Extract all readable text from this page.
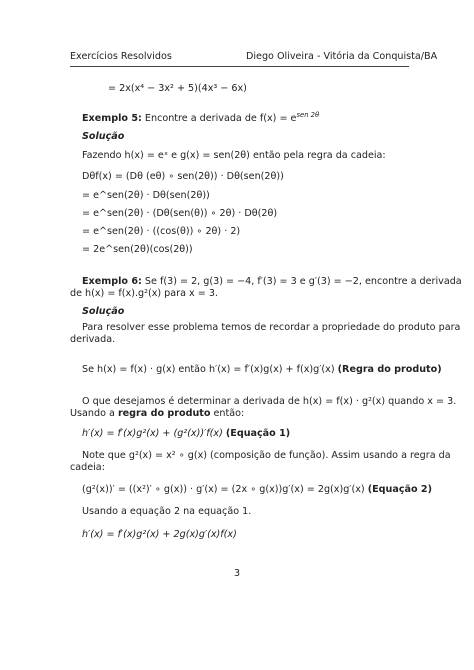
Exercícios Resolvidos	Diego Oliveira - Vitória da Conquista/BA
= 2x(x⁴ − 3x² + 5)(4x³ − 6x)
Exemplo 5: Encontre a derivada de $f(x) = e^{sen 2\theta}$
Solução
Fazendo h(x) = eˣ e g(x) = sen(2θ) então pela regra da cadeia:
Dθf(x) = (Dθ (eθ) ∘ sen(2θ)) · Dθ(sen(2θ))
= e^sen(2θ) · Dθ(sen(2θ))
= e^sen(2θ) · (Dθ(sen(θ)) ∘ 2θ) · Dθ(2θ)
= e^sen(2θ) · ((cos(θ)) ∘ 2θ) · 2)
= 2e^sen(2θ)(cos(2θ))
Exemplo 6: Se f(3) = 2, g(3) = −4, f′(3) = 3 e g′(3) = −2, encontre a derivada
de h(x) = f(x).g²(x) para x = 3.
Solução
Para resolver esse problema temos de recordar a propriedade do produto para
derivada.
Se h(x) = f(x) · g(x) então h′(x) = f′(x)g(x) + f(x)g′(x) (Regra do produto)
O que desejamos é determinar a derivada de h(x) = f(x) · g²(x) quando x = 3.
Usando a regra do produto então:
h′(x) = f′(x)g²(x) + (g²(x))′f(x) (Equação 1)
Note que g²(x) = x² ∘ g(x) (composição de função). Assim usando a regra da
cadeia:
(g²(x))′ = ((x²)′ ∘ g(x)) · g′(x) = (2x ∘ g(x))g′(x) = 2g(x)g′(x) (Equação 2)
Usando a equação 2 na equação 1.
h′(x) = f′(x)g²(x) + 2g(x)g′(x)f(x)
3
